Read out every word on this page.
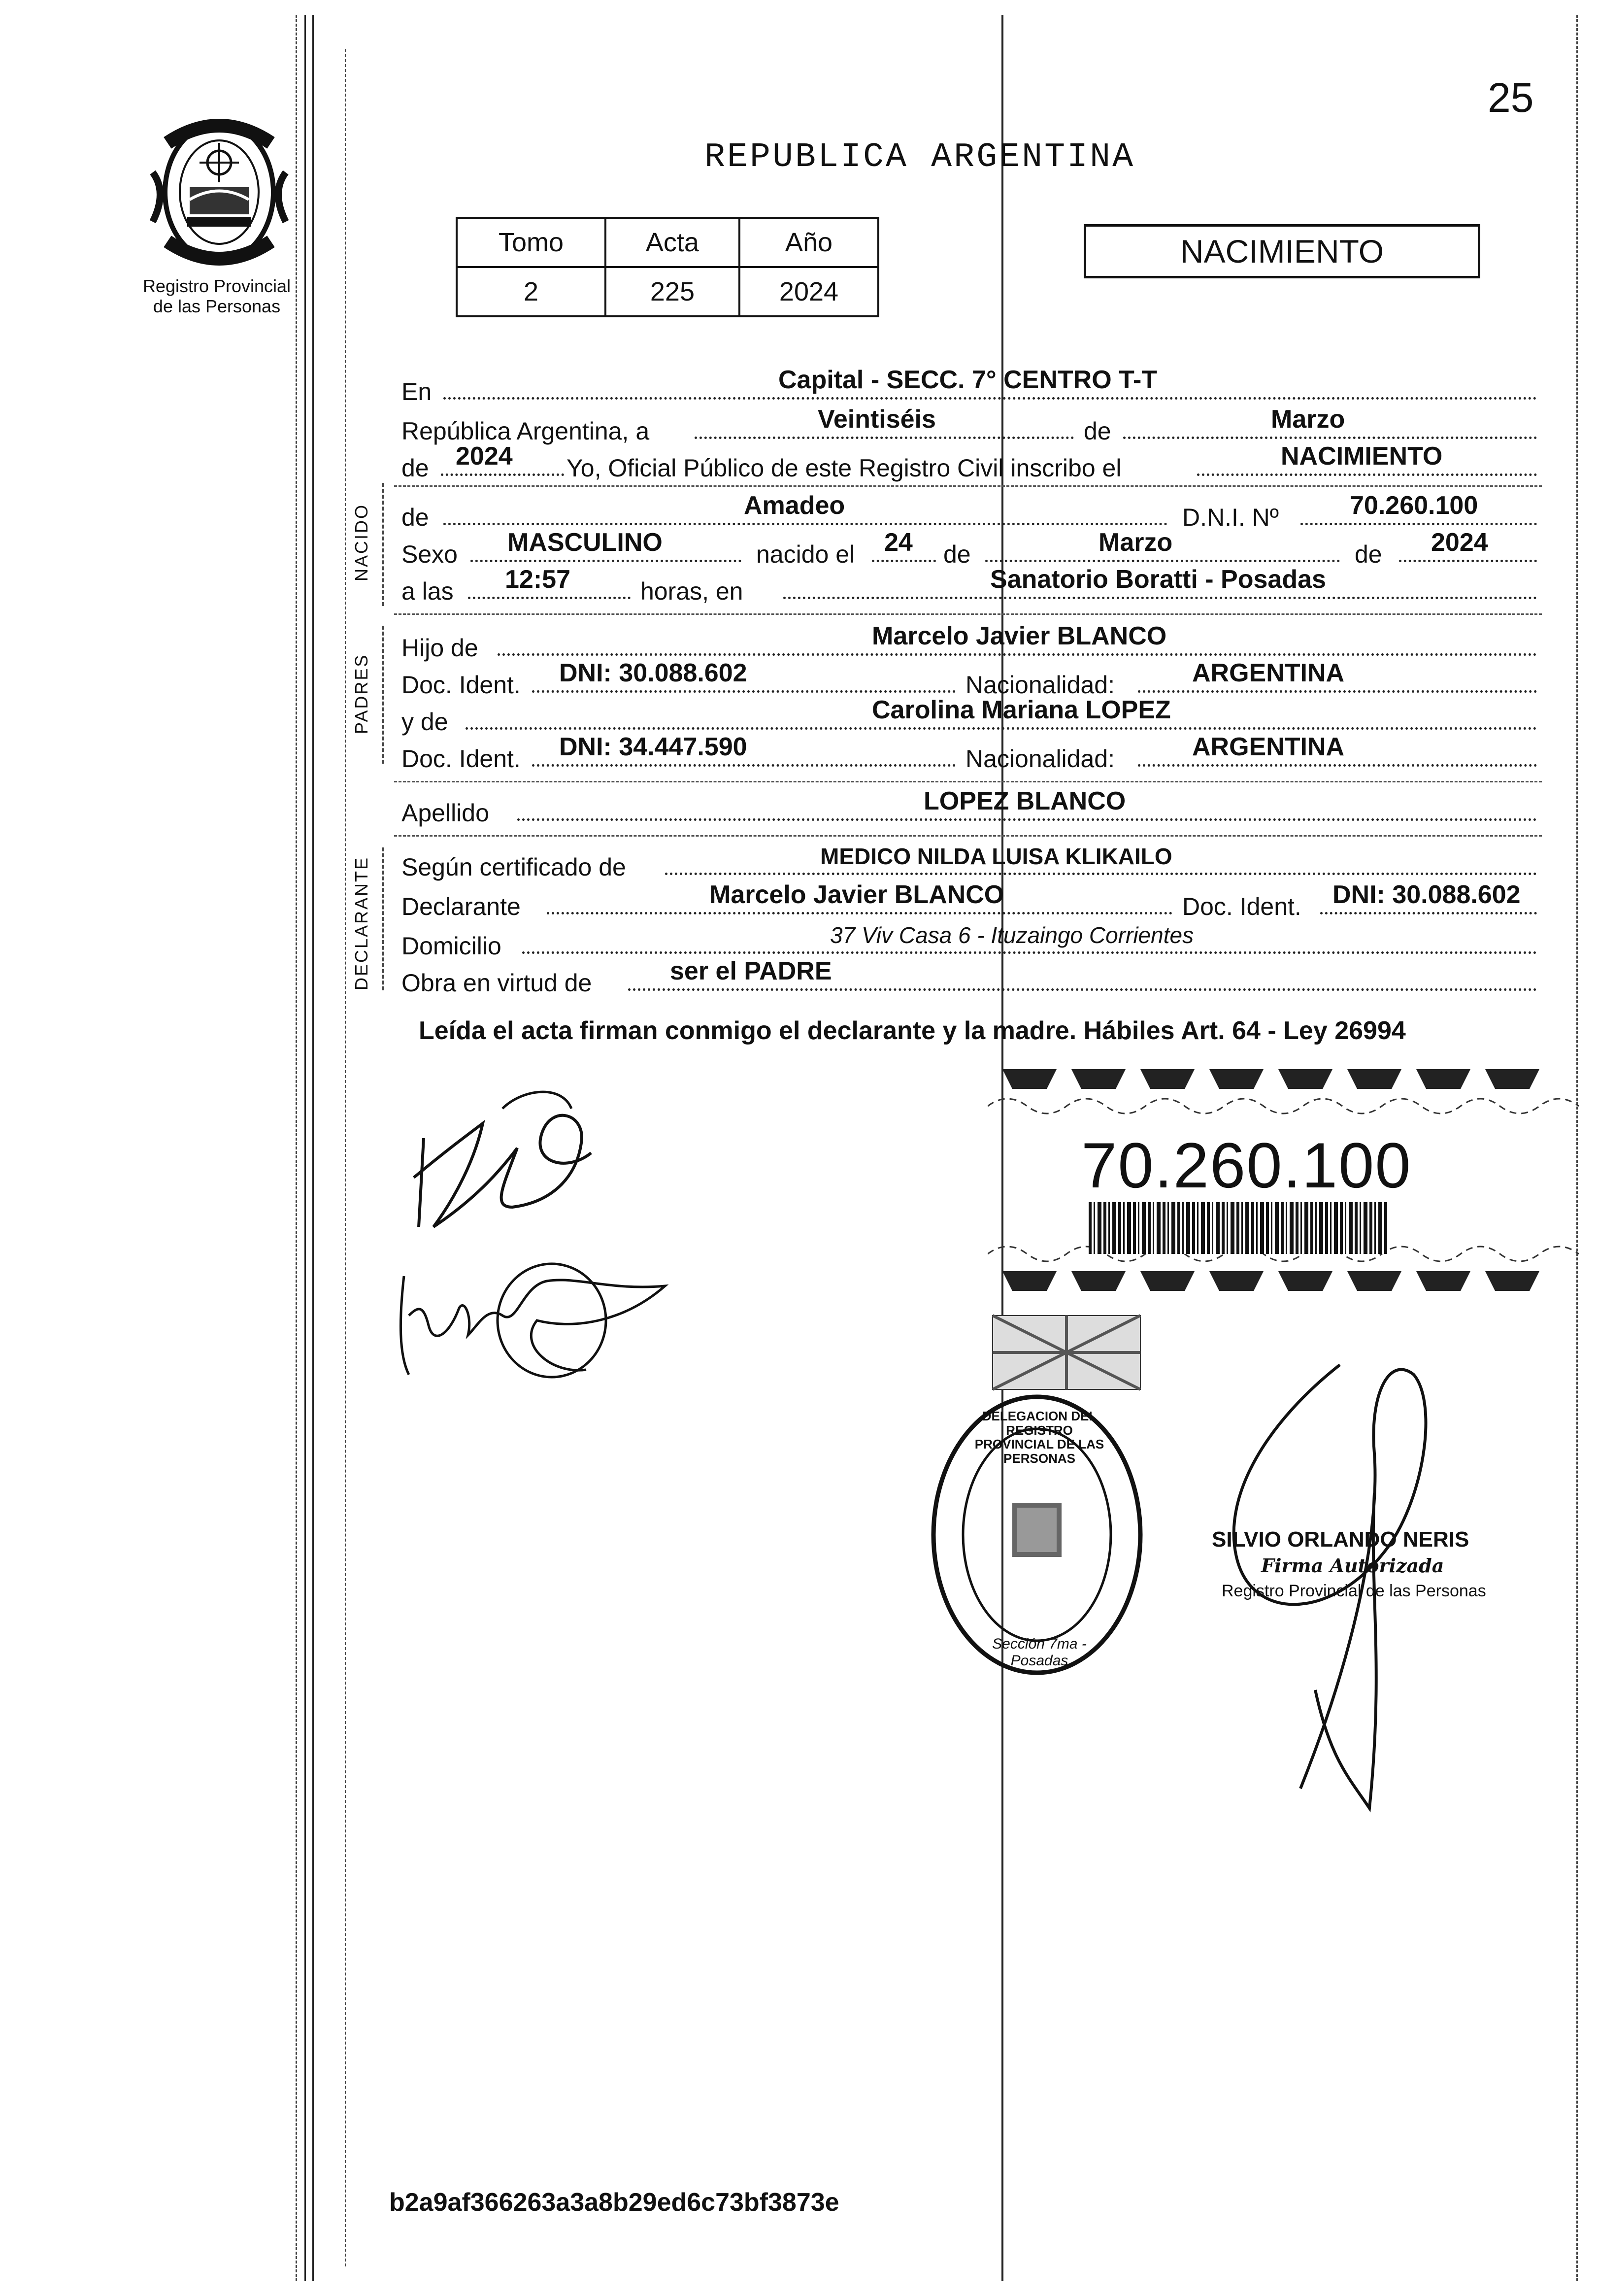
Registro Provincial
de las Personas
25
REPUBLICA ARGENTINA
Tomo	Acta	Año
2	225	2024
NACIMIENTO
NACIDO
PADRES
DECLARANTE
En	Capital - SECC. 7° CENTRO T-T
República Argentina, a	Veintiséis	de	Marzo
de 2024 Yo, Oficial Público de este Registro Civil inscribo el	NACIMIENTO
de	Amadeo	D.N.I. Nº	70.260.100
Sexo MASCULINO	nacido el 24 de	Marzo	de 2024
a las 12:57	horas, en	Sanatorio Boratti - Posadas
Hijo de	Marcelo Javier BLANCO
Doc. Ident. DNI: 30.088.602	Nacionalidad:	ARGENTINA
y de	Carolina Mariana LOPEZ
Doc. Ident. DNI: 34.447.590	Nacionalidad:	ARGENTINA
Apellido	LOPEZ BLANCO
Según certificado de	MEDICO NILDA LUISA KLIKAILO
Declarante	Marcelo Javier BLANCO	Doc. Ident. DNI: 30.088.602
Domicilio	37 Viv Casa 6 - Ituzaingo Corrientes
Obra en virtud de	ser el PADRE
Leída el acta firman conmigo el declarante y la madre. Hábiles Art. 64 - Ley 26994
70.260.100
DELEGACION DEL REGISTRO PROVINCIAL DE LAS PERSONAS
Sección 7ma - Posadas
SILVIO ORLANDO NERIS
Firma Autorizada
Registro Provincial de las Personas
b2a9af366263a3a8b29ed6c73bf3873e
